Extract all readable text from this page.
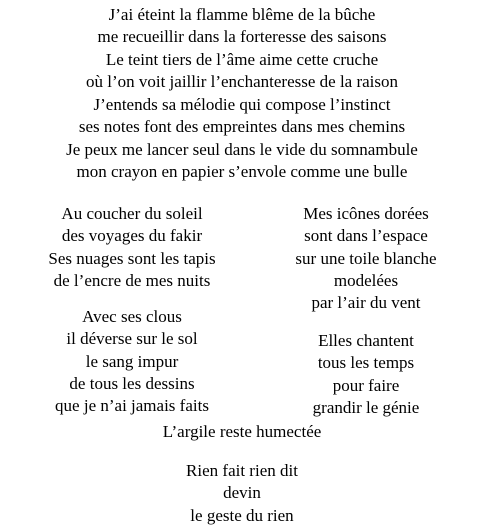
J’ai éteint la flamme blême de la bûche
me recueillir dans la forteresse des saisons
Le teint tiers de l’âme aime cette cruche
où l’on voit jaillir l’enchanteresse de la raison
J’entends sa mélodie qui compose l’instinct
ses notes font des empreintes dans mes chemins
Je peux me lancer seul dans le vide du somnambule
mon crayon en papier s’envole comme une bulle
Au coucher du soleil
des voyages du fakir
Ses nuages sont les tapis
de l’encre de mes nuits
Mes icônes dorées
sont dans l’espace
sur une toile blanche
modelées
par l’air du vent
Avec ses clous
il déverse sur le sol
le sang impur
de tous les dessins
que je n’ai jamais faits
Elles chantent
tous les temps
pour faire
grandir le génie
L’argile reste humectée
Rien fait rien dit
devin
le geste du rien
